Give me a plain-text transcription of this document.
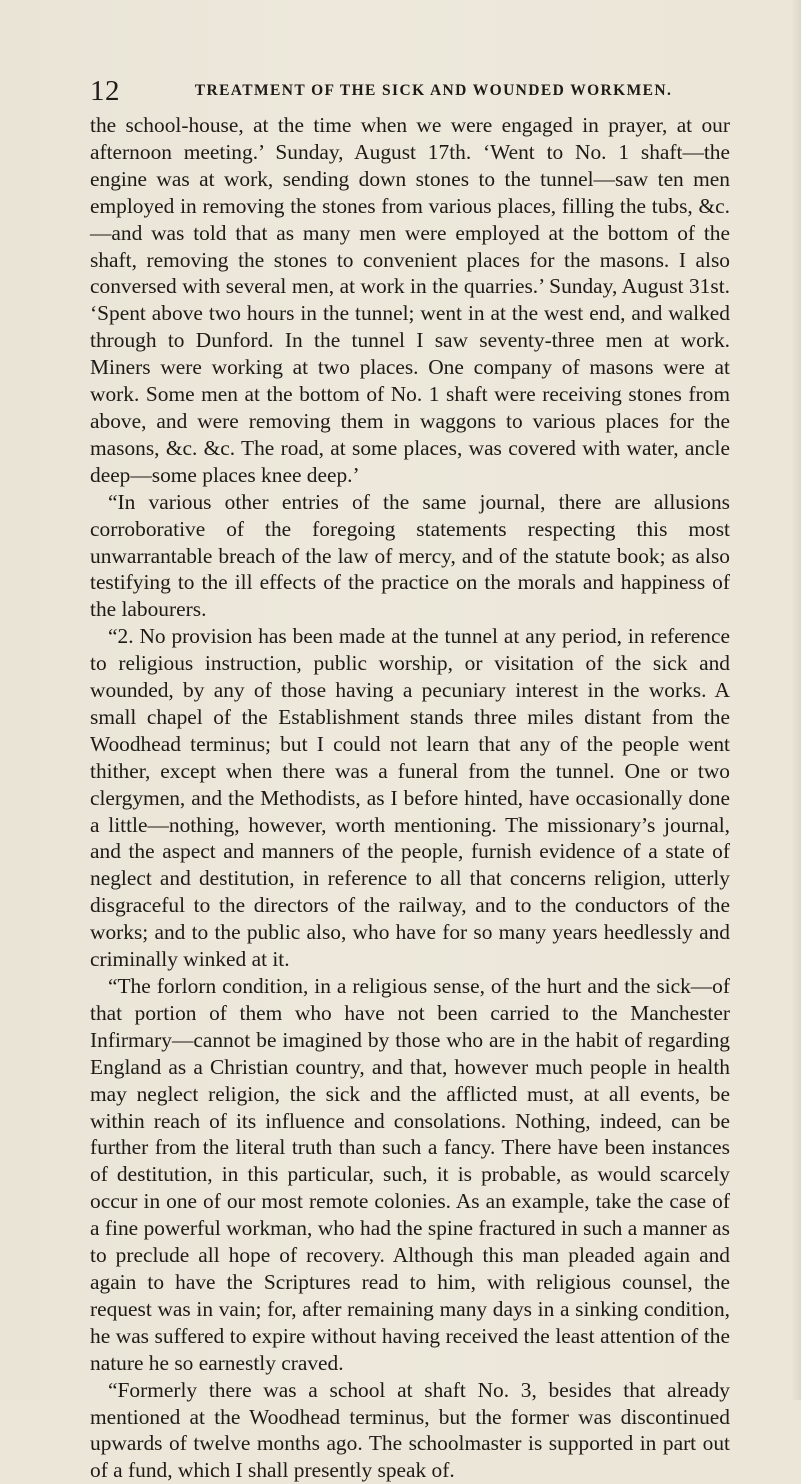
12	TREATMENT OF THE SICK AND WOUNDED WORKMEN.

the school-house, at the time when we were engaged in prayer, at our afternoon meeting.’ Sunday, August 17th. ‘Went to No. 1 shaft—the engine was at work, sending down stones to the tunnel—saw ten men employed in removing the stones from various places, filling the tubs, &c.—and was told that as many men were employed at the bottom of the shaft, removing the stones to convenient places for the masons. I also conversed with several men, at work in the quarries.’ Sunday, August 31st. ‘Spent above two hours in the tunnel; went in at the west end, and walked through to Dunford. In the tunnel I saw seventy-three men at work. Miners were working at two places. One company of masons were at work. Some men at the bottom of No. 1 shaft were receiving stones from above, and were removing them in waggons to various places for the masons, &c. &c. The road, at some places, was covered with water, ancle deep—some places knee deep.’

“In various other entries of the same journal, there are allusions corroborative of the foregoing statements respecting this most unwarrantable breach of the law of mercy, and of the statute book; as also testifying to the ill effects of the practice on the morals and happiness of the labourers.

“2. No provision has been made at the tunnel at any period, in reference to religious instruction, public worship, or visitation of the sick and wounded, by any of those having a pecuniary interest in the works. A small chapel of the Establishment stands three miles distant from the Woodhead terminus; but I could not learn that any of the people went thither, except when there was a funeral from the tunnel. One or two clergymen, and the Methodists, as I before hinted, have occasionally done a little—nothing, however, worth mentioning. The missionary’s journal, and the aspect and manners of the people, furnish evidence of a state of neglect and destitution, in reference to all that concerns religion, utterly disgraceful to the directors of the railway, and to the conductors of the works; and to the public also, who have for so many years heedlessly and criminally winked at it.

“The forlorn condition, in a religious sense, of the hurt and the sick—of that portion of them who have not been carried to the Manchester Infirmary—cannot be imagined by those who are in the habit of regarding England as a Christian country, and that, however much people in health may neglect religion, the sick and the afflicted must, at all events, be within reach of its influence and consolations. Nothing, indeed, can be further from the literal truth than such a fancy. There have been instances of destitution, in this particular, such, it is probable, as would scarcely occur in one of our most remote colonies. As an example, take the case of a fine powerful workman, who had the spine fractured in such a manner as to preclude all hope of recovery. Although this man pleaded again and again to have the Scriptures read to him, with religious counsel, the request was in vain; for, after remaining many days in a sinking condition, he was suffered to expire without having received the least attention of the nature he so earnestly craved.

“Formerly there was a school at shaft No. 3, besides that already mentioned at the Woodhead terminus, but the former was discontinued upwards of twelve months ago. The schoolmaster is supported in part out of a fund, which I shall presently speak of.
